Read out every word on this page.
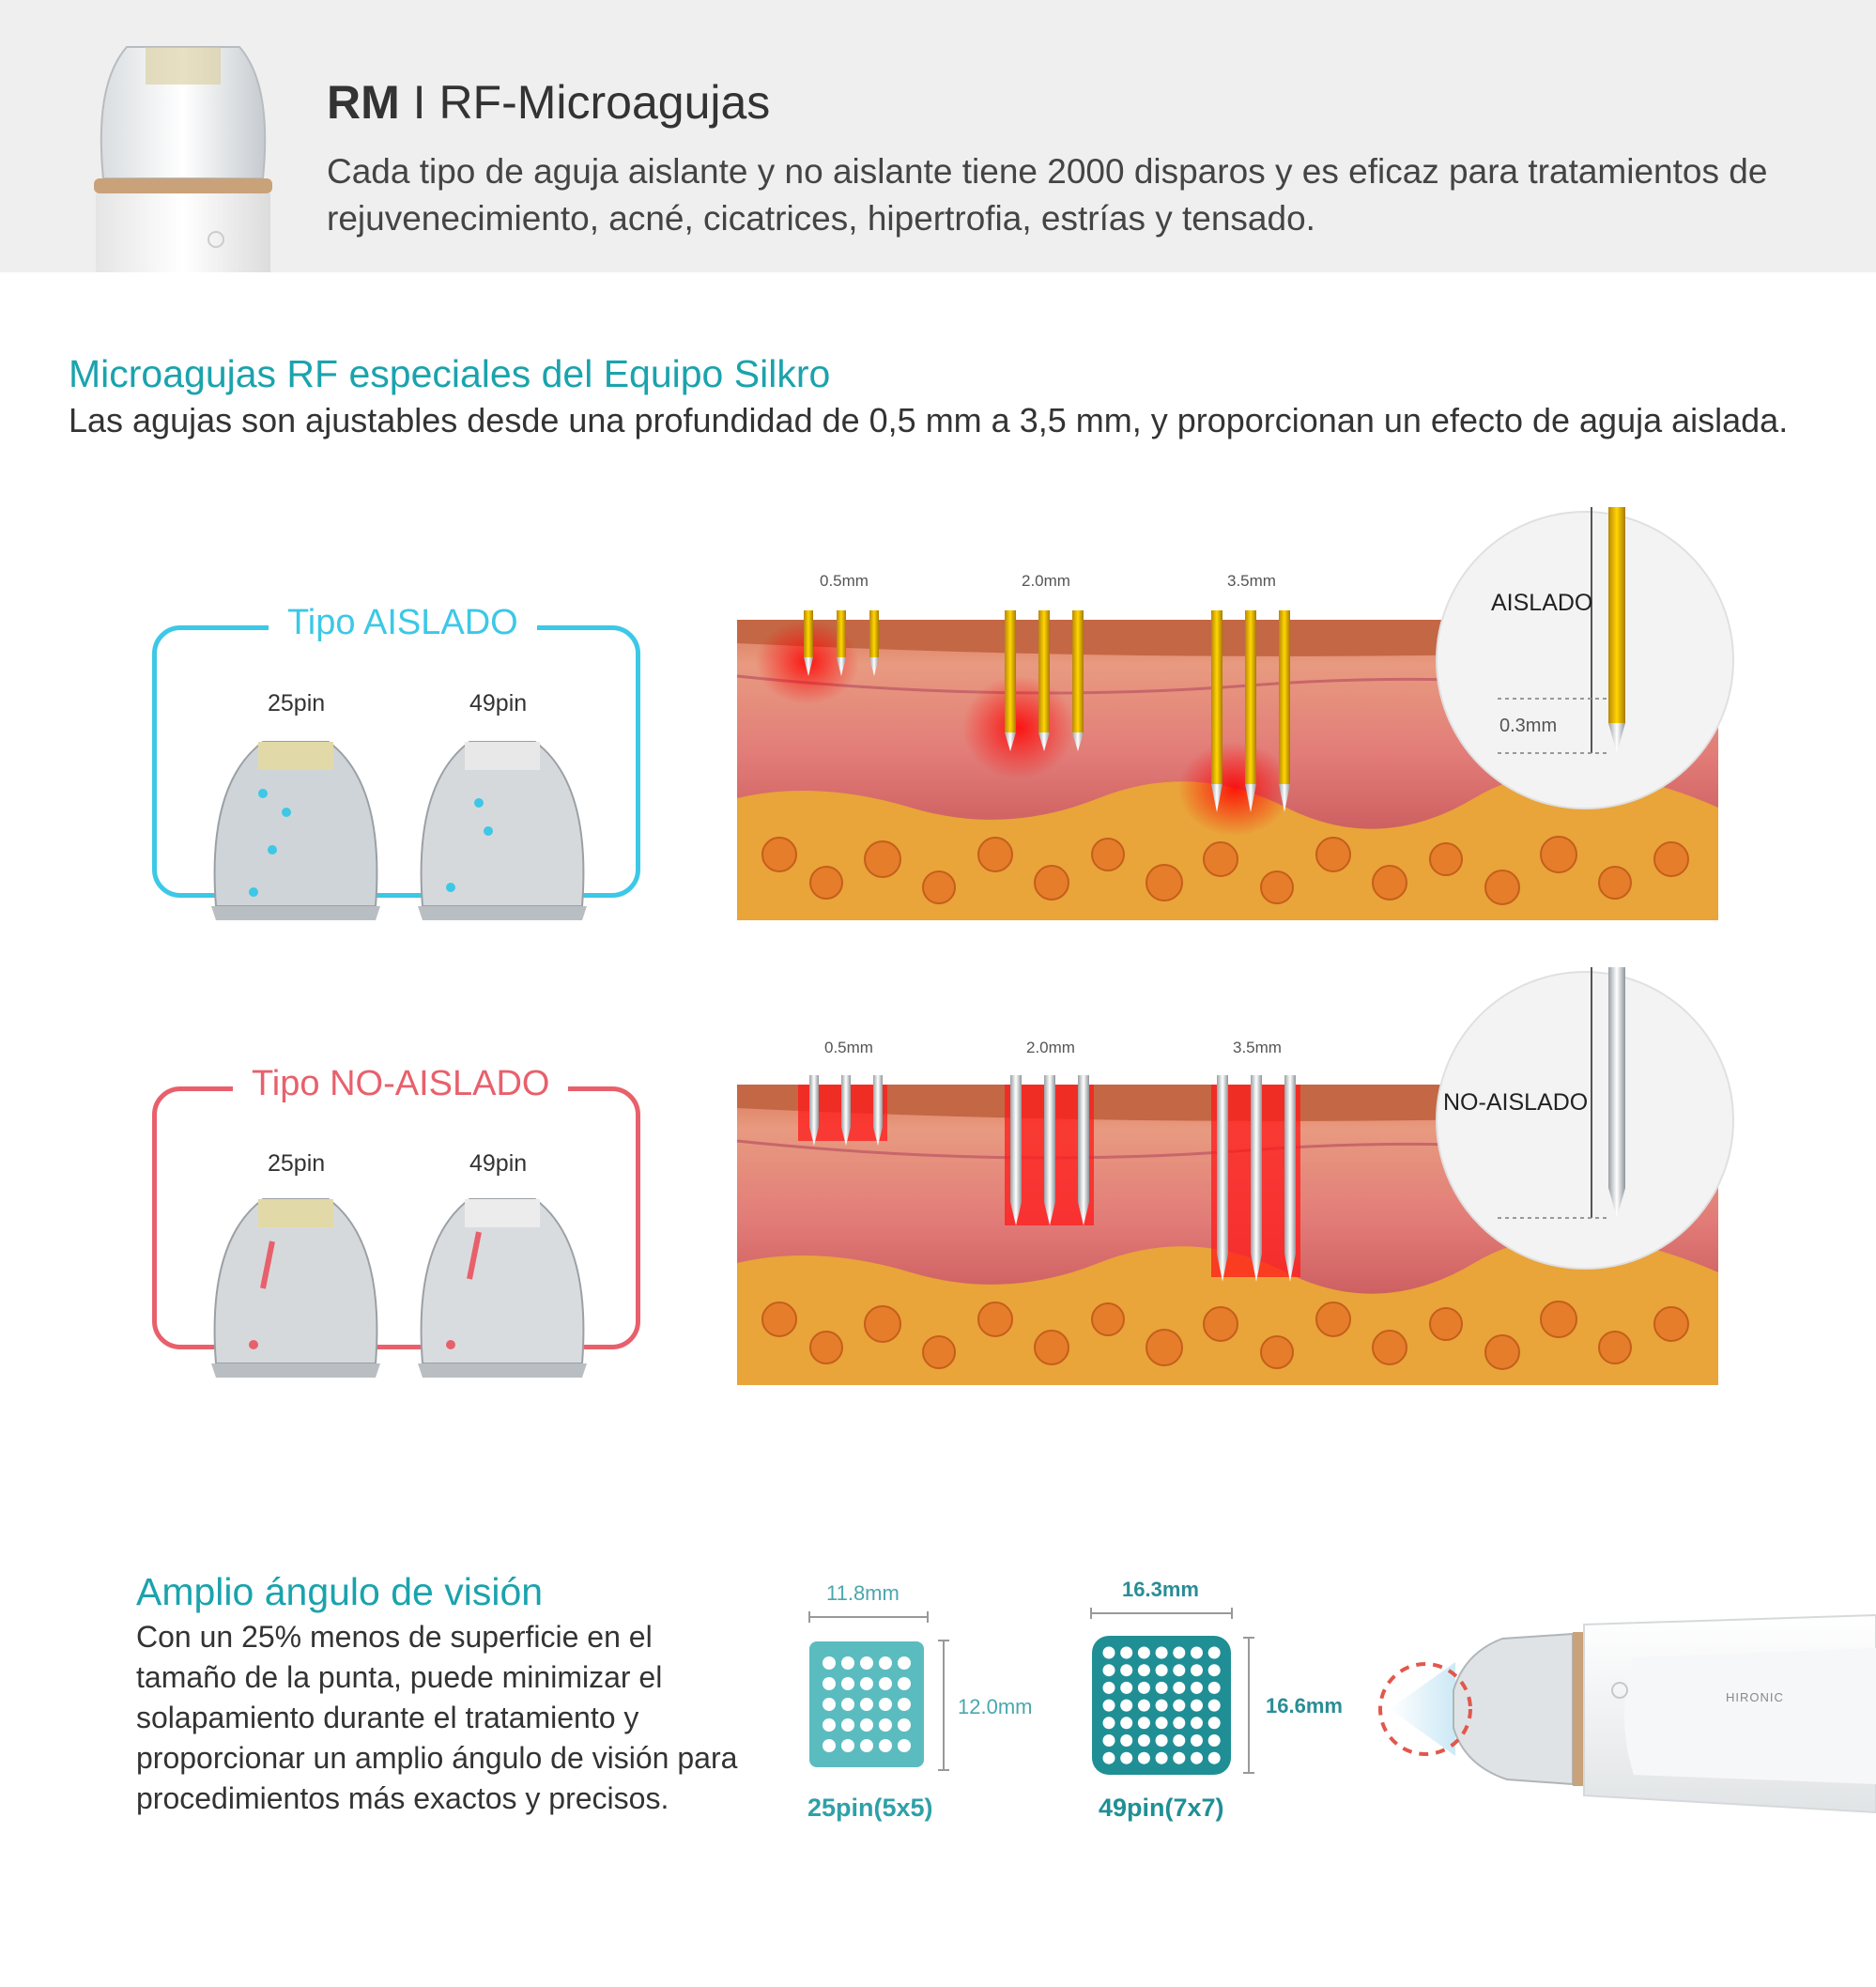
RM I RF-Microagujas
Cada tipo de aguja aislante y no aislante tiene 2000 disparos y es eficaz para tratamientos de rejuvenecimiento, acné, cicatrices, hipertrofia, estrías y tensado.
Microagujas RF especiales del Equipo Silkro
Las agujas son ajustables desde una profundidad de 0,5 mm a 3,5 mm, y proporcionan un efecto de aguja aislada.
Tipo AISLADO
25pin	49pin
Tipo NO-AISLADO
25pin	49pin
0.5mm	2.0mm	3.5mm
AISLADO
0.3mm
0.5mm	2.0mm	3.5mm
NO-AISLADO
Amplio ángulo de visión
Con un 25% menos de superficie en el tamaño de la punta, puede minimizar el solapamiento durante el tratamiento y proporcionar un amplio ángulo de visión para procedimientos más exactos y precisos.
11.8mm
12.0mm
25pin(5x5)
16.3mm
16.6mm
49pin(7x7)
HIRONIC
